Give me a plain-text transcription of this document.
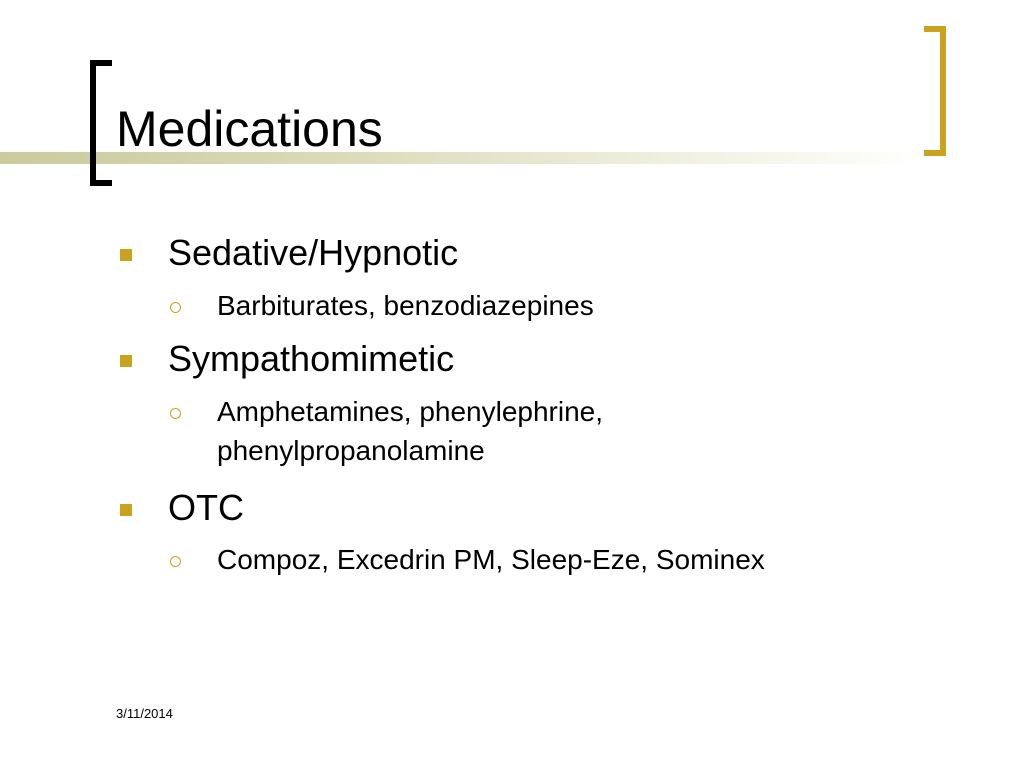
Medications
Sedative/Hypnotic
Barbiturates, benzodiazepines
Sympathomimetic
Amphetamines, phenylephrine,
phenylpropanolamine
OTC
Compoz, Excedrin PM, Sleep-Eze, Sominex
3/11/2014
